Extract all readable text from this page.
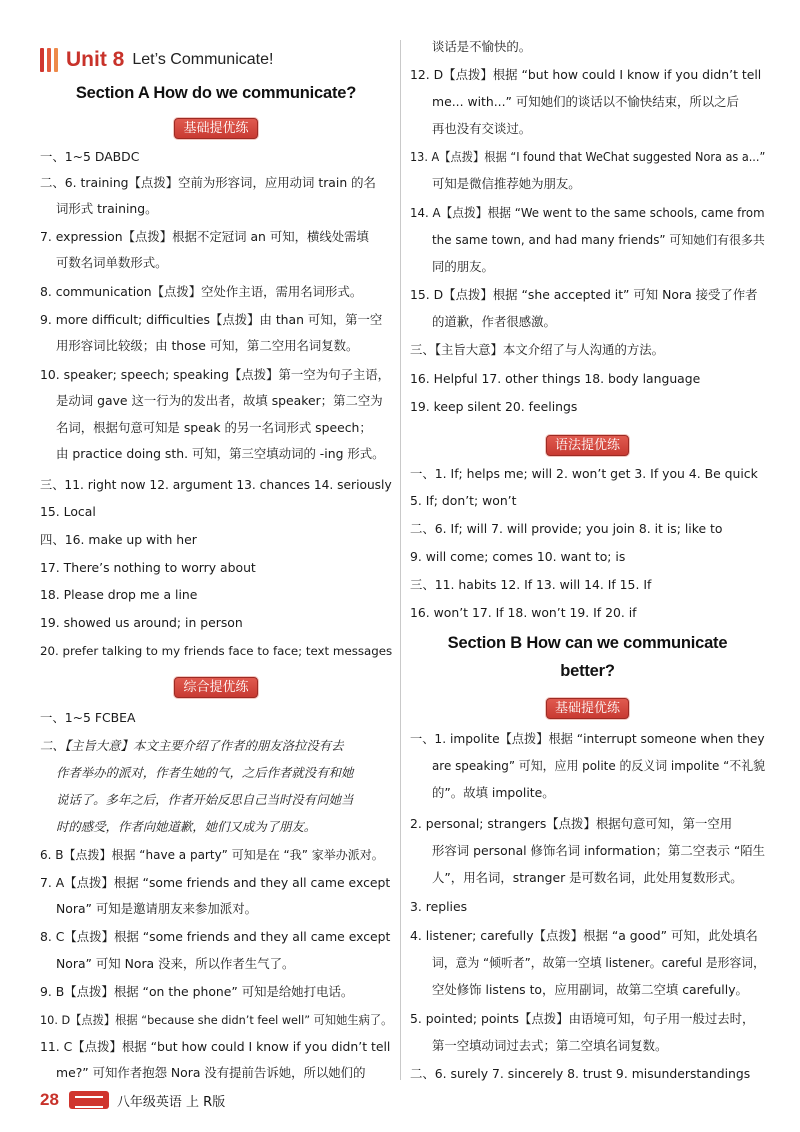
Unit 8 Let’s Communicate!
Section A How do we communicate?
基础提优练
一、1~5 DABDC
二、6. training【点拨】空前为形容词，应用动词 train 的名
词形式 training。
7. expression【点拨】根据不定冠词 an 可知，横线处需填
可数名词单数形式。
8. communication【点拨】空处作主语，需用名词形式。
9. more difficult; difficulties【点拨】由 than 可知，第一空
用形容词比较级；由 those 可知，第二空用名词复数。
10. speaker; speech; speaking【点拨】第一空为句子主语，
是动词 gave 这一行为的发出者，故填 speaker；第二空为
名词，根据句意可知是 speak 的另一名词形式 speech；
由 practice doing sth. 可知，第三空填动词的 -ing 形式。
三、11. right now 12. argument 13. chances 14. seriously
15. Local
四、16. make up with her
17. There’s nothing to worry about
18. Please drop me a line
19. showed us around; in person
20. prefer talking to my friends face to face; text messages
综合提优练
一、1~5 FCBEA
二、【主旨大意】本文主要介绍了作者的朋友洛拉没有去
作者举办的派对，作者生她的气，之后作者就没有和她
说话了。多年之后，作者开始反思自己当时没有问她当
时的感受，作者向她道歉，她们又成为了朋友。
6. B【点拨】根据 “have a party” 可知是在 “我” 家举办派对。
7. A【点拨】根据 “some friends and they all came except
Nora” 可知是邀请朋友来参加派对。
8. C【点拨】根据 “some friends and they all came except
Nora” 可知 Nora 没来，所以作者生气了。
9. B【点拨】根据 “on the phone” 可知是给她打电话。
10. D【点拨】根据 “because she didn’t feel well” 可知她生病了。
11. C【点拨】根据 “but how could I know if you didn’t tell
me?” 可知作者抱怨 Nora 没有提前告诉她，所以她们的
谈话是不愉快的。
12. D【点拨】根据 “but how could I know if you didn’t tell
me... with...” 可知她们的谈话以不愉快结束，所以之后
再也没有交谈过。
13. A【点拨】根据 “I found that WeChat suggested Nora as a...”
可知是微信推荐她为朋友。
14. A【点拨】根据 “We went to the same schools, came from
the same town, and had many friends” 可知她们有很多共
同的朋友。
15. D【点拨】根据 “she accepted it” 可知 Nora 接受了作者
的道歉，作者很感激。
三、【主旨大意】本文介绍了与人沟通的方法。
16. Helpful 17. other things 18. body language
19. keep silent 20. feelings
语法提优练
一、1. If; helps me; will 2. won’t get 3. If you 4. Be quick
5. If; don’t; won’t
二、6. If; will 7. will provide; you join 8. it is; like to
9. will come; comes 10. want to; is
三、11. habits 12. If 13. will 14. If 15. If
16. won’t 17. If 18. won’t 19. If 20. if
Section B How can we communicate
better?
基础提优练
一、1. impolite【点拨】根据 “interrupt someone when they
are speaking” 可知，应用 polite 的反义词 impolite “不礼貌
的”。故填 impolite。
2. personal; strangers【点拨】根据句意可知，第一空用
形容词 personal 修饰名词 information；第二空表示 “陌生
人”，用名词，stranger 是可数名词，此处用复数形式。
3. replies
4. listener; carefully【点拨】根据 “a good” 可知，此处填名
词，意为 “倾听者”，故第一空填 listener。careful 是形容词，
空处修饰 listens to，应用副词，故第二空填 carefully。
5. pointed; points【点拨】由语境可知，句子用一般过去时，
第一空填动词过去式；第二空填名词复数。
二、6. surely 7. sincerely 8. trust 9. misunderstandings
28	八年级英语 上 R版
